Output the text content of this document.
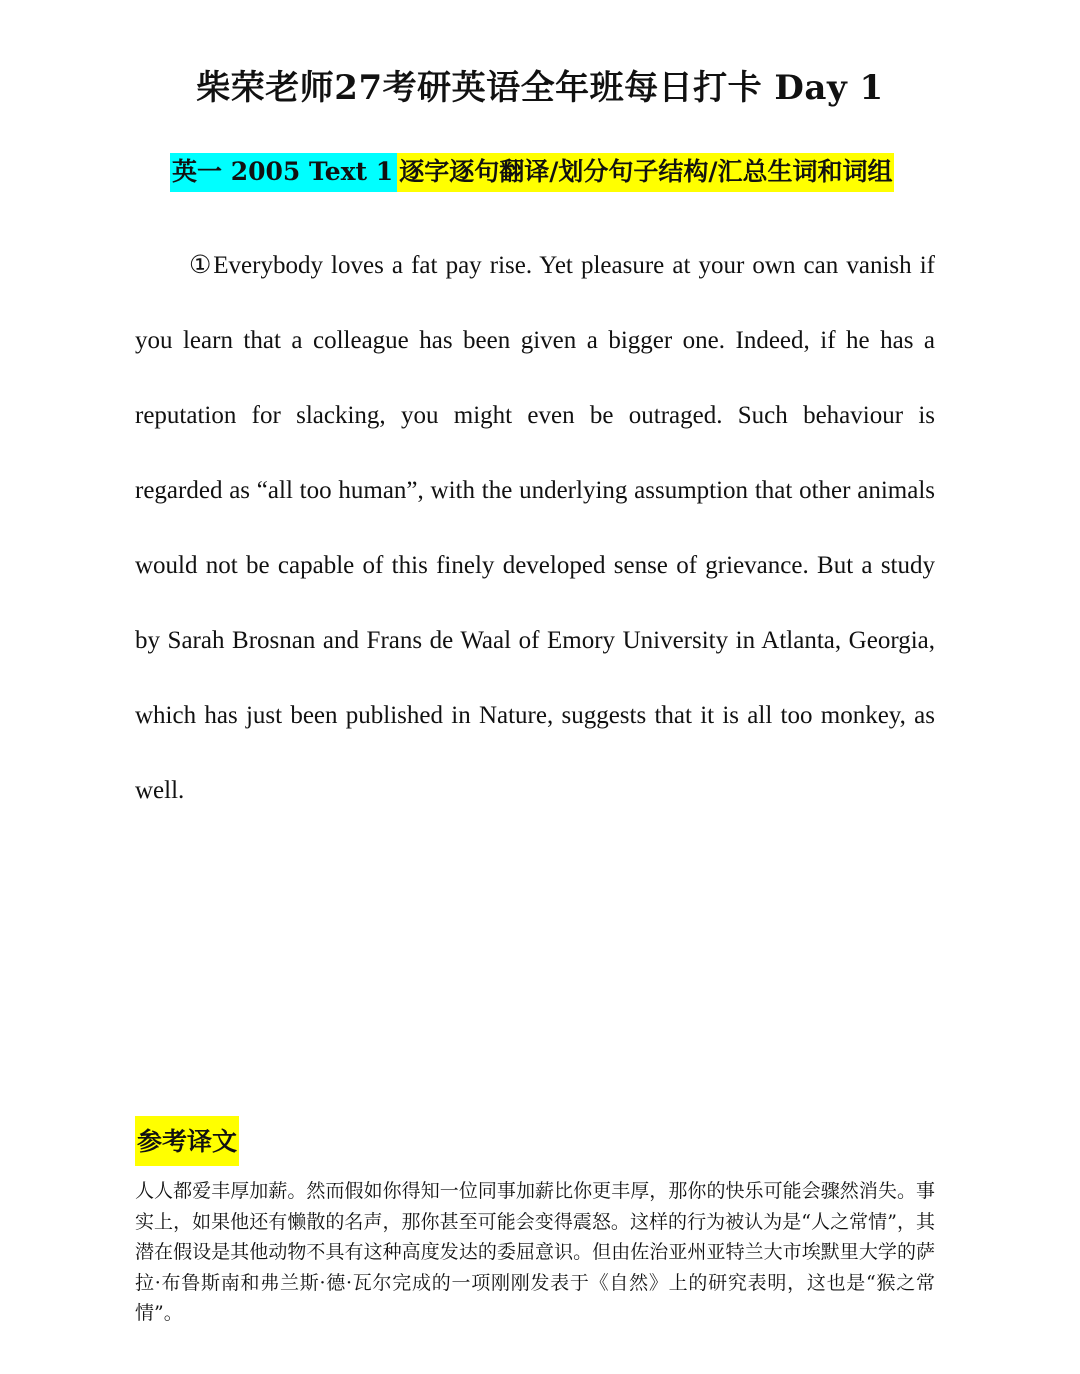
柴荣老师27考研英语全年班每日打卡 Day 1
英一 2005 Text 1 逐字逐句翻译/划分句子结构/汇总生词和词组

①Everybody loves a fat pay rise. Yet pleasure at your own can vanish if you learn that a colleague has been given a bigger one. Indeed, if he has a reputation for slacking, you might even be outraged. Such behaviour is regarded as “all too human”, with the underlying assumption that other animals would not be capable of this finely developed sense of grievance. But a study by Sarah Brosnan and Frans de Waal of Emory University in Atlanta, Georgia, which has just been published in Nature, suggests that it is all too monkey, as well.

参考译文

人人都爱丰厚加薪。然而假如你得知一位同事加薪比你更丰厚，那你的快乐可能会骤然消失。事实上，如果他还有懒散的名声，那你甚至可能会变得震怒。这样的行为被认为是“人之常情”，其潜在假设是其他动物不具有这种高度发达的委屈意识。但由佐治亚州亚特兰大市埃默里大学的萨拉·布鲁斯南和弗兰斯·德·瓦尔完成的一项刚刚发表于《自然》上的研究表明，这也是“猴之常情”。
